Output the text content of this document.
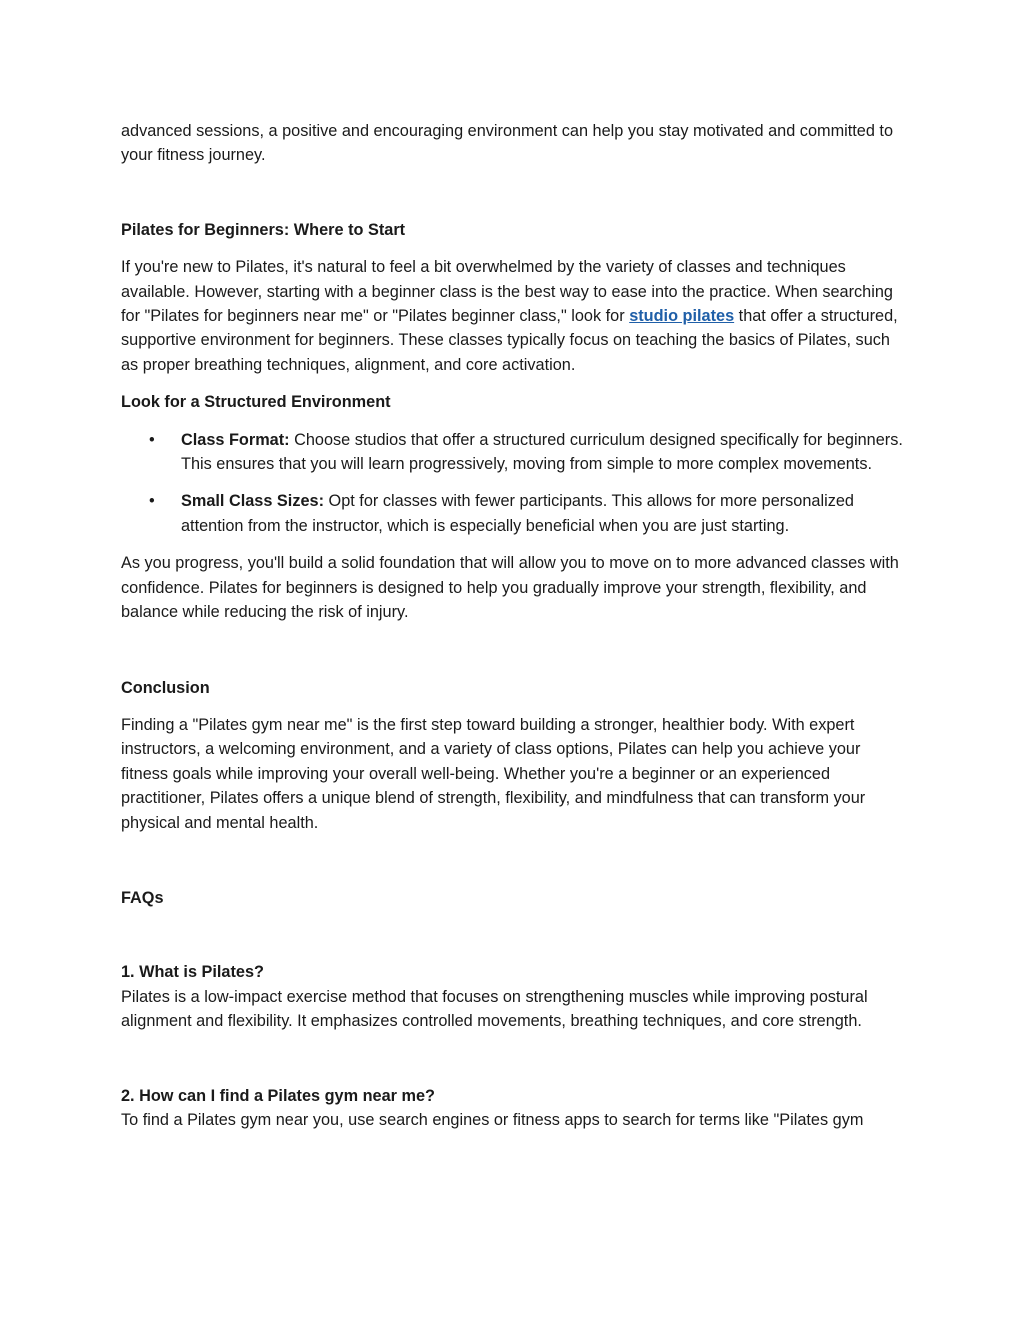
advanced sessions, a positive and encouraging environment can help you stay motivated and committed to your fitness journey.

Pilates for Beginners: Where to Start

If you're new to Pilates, it's natural to feel a bit overwhelmed by the variety of classes and techniques available. However, starting with a beginner class is the best way to ease into the practice. When searching for "Pilates for beginners near me" or "Pilates beginner class," look for studio pilates that offer a structured, supportive environment for beginners. These classes typically focus on teaching the basics of Pilates, such as proper breathing techniques, alignment, and core activation.

Look for a Structured Environment

• Class Format: Choose studios that offer a structured curriculum designed specifically for beginners. This ensures that you will learn progressively, moving from simple to more complex movements.
• Small Class Sizes: Opt for classes with fewer participants. This allows for more personalized attention from the instructor, which is especially beneficial when you are just starting.

As you progress, you'll build a solid foundation that will allow you to move on to more advanced classes with confidence. Pilates for beginners is designed to help you gradually improve your strength, flexibility, and balance while reducing the risk of injury.

Conclusion

Finding a "Pilates gym near me" is the first step toward building a stronger, healthier body. With expert instructors, a welcoming environment, and a variety of class options, Pilates can help you achieve your fitness goals while improving your overall well-being. Whether you're a beginner or an experienced practitioner, Pilates offers a unique blend of strength, flexibility, and mindfulness that can transform your physical and mental health.

FAQs

1. What is Pilates?

Pilates is a low-impact exercise method that focuses on strengthening muscles while improving postural alignment and flexibility. It emphasizes controlled movements, breathing techniques, and core strength.

2. How can I find a Pilates gym near me?

To find a Pilates gym near you, use search engines or fitness apps to search for terms like "Pilates gym
